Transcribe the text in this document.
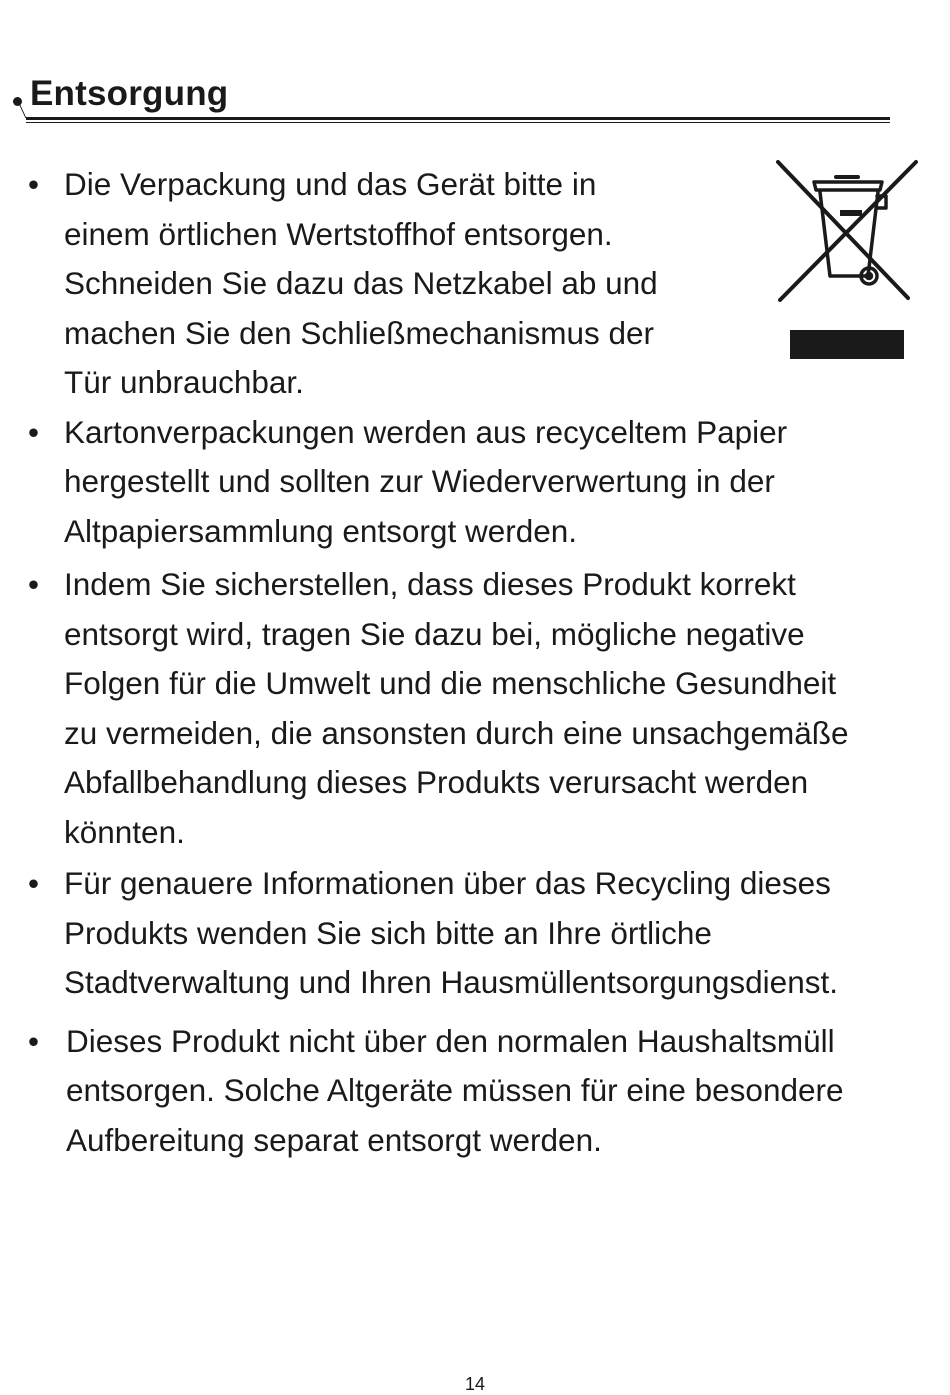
Entsorgung
• Die Verpackung und das Gerät bitte in
einem örtlichen Wertstoffhof entsorgen.
Schneiden Sie dazu das Netzkabel ab und
machen Sie den Schließmechanismus der
Tür unbrauchbar.
• Kartonverpackungen werden aus recyceltem Papier
hergestellt und sollten zur Wiederverwertung in der
Altpapiersammlung entsorgt werden.
• Indem Sie sicherstellen, dass dieses Produkt korrekt
entsorgt wird, tragen Sie dazu bei, mögliche negative
Folgen für die Umwelt und die menschliche Gesundheit
zu vermeiden, die ansonsten durch eine unsachgemäße
Abfallbehandlung dieses Produkts verursacht werden
könnten.
• Für genauere Informationen über das Recycling dieses
Produkts wenden Sie sich bitte an Ihre örtliche
Stadtverwaltung und Ihren Hausmüllentsorgungsdienst.
• Dieses Produkt nicht über den normalen Haushaltsmüll
entsorgen. Solche Altgeräte müssen für eine besondere
Aufbereitung separat entsorgt werden.
14
